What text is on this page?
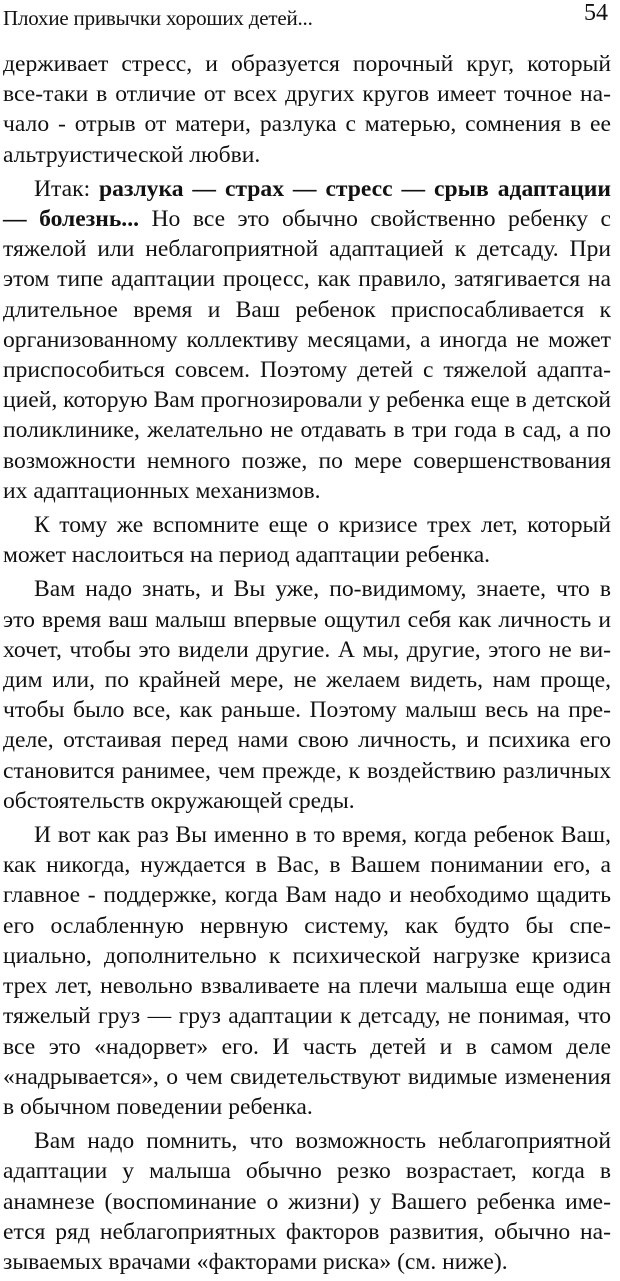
Плохие привычки хороших детей...	54

держивает стресс, и образуется порочный круг, который все-таки в отличие от всех других кругов имеет точное начало - отрыв от матери, разлука с матерью, сомнения в ее альтруистической любви.

Итак: разлука — страх — стресс — срыв адаптации — болезнь... Но все это обычно свойственно ребенку с тяжелой или неблагоприятной адаптацией к детсаду. При этом типе адаптации процесс, как правило, затягивается на длительное время и Ваш ребенок приспосабливается к организованному коллективу месяцами, а иногда не может приспособиться совсем. Поэтому детей с тяжелой адаптацией, которую Вам прогнозировали у ребенка еще в детской поликлинике, желательно не отдавать в три года в сад, а по возможности немного позже, по мере совершенствования их адаптационных механизмов.

К тому же вспомните еще о кризисе трех лет, который может наслоиться на период адаптации ребенка.

Вам надо знать, и Вы уже, по-видимому, знаете, что в это время ваш малыш впервые ощутил себя как личность и хочет, чтобы это видели другие. А мы, другие, этого не видим или, по крайней мере, не желаем видеть, нам проще, чтобы было все, как раньше. Поэтому малыш весь на пределе, отстаивая перед нами свою личность, и психика его становится ранимее, чем прежде, к воздействию различных обстоятельств окружающей среды.

И вот как раз Вы именно в то время, когда ребенок Ваш, как никогда, нуждается в Вас, в Вашем понимании его, а главное - поддержке, когда Вам надо и необходимо щадить его ослабленную нервную систему, как будто бы специально, дополнительно к психической нагрузке кризиса трех лет, невольно взваливаете на плечи малыша еще один тяжелый груз — груз адаптации к детсаду, не понимая, что все это «надорвет» его. И часть детей и в самом деле «надрывается», о чем свидетельствуют видимые изменения в обычном поведении ребенка.

Вам надо помнить, что возможность неблагоприятной адаптации у малыша обычно резко возрастает, когда в анамнезе (воспоминание о жизни) у Вашего ребенка имеется ряд неблагоприятных факторов развития, обычно называемых врачами «факторами риска» (см. ниже).
